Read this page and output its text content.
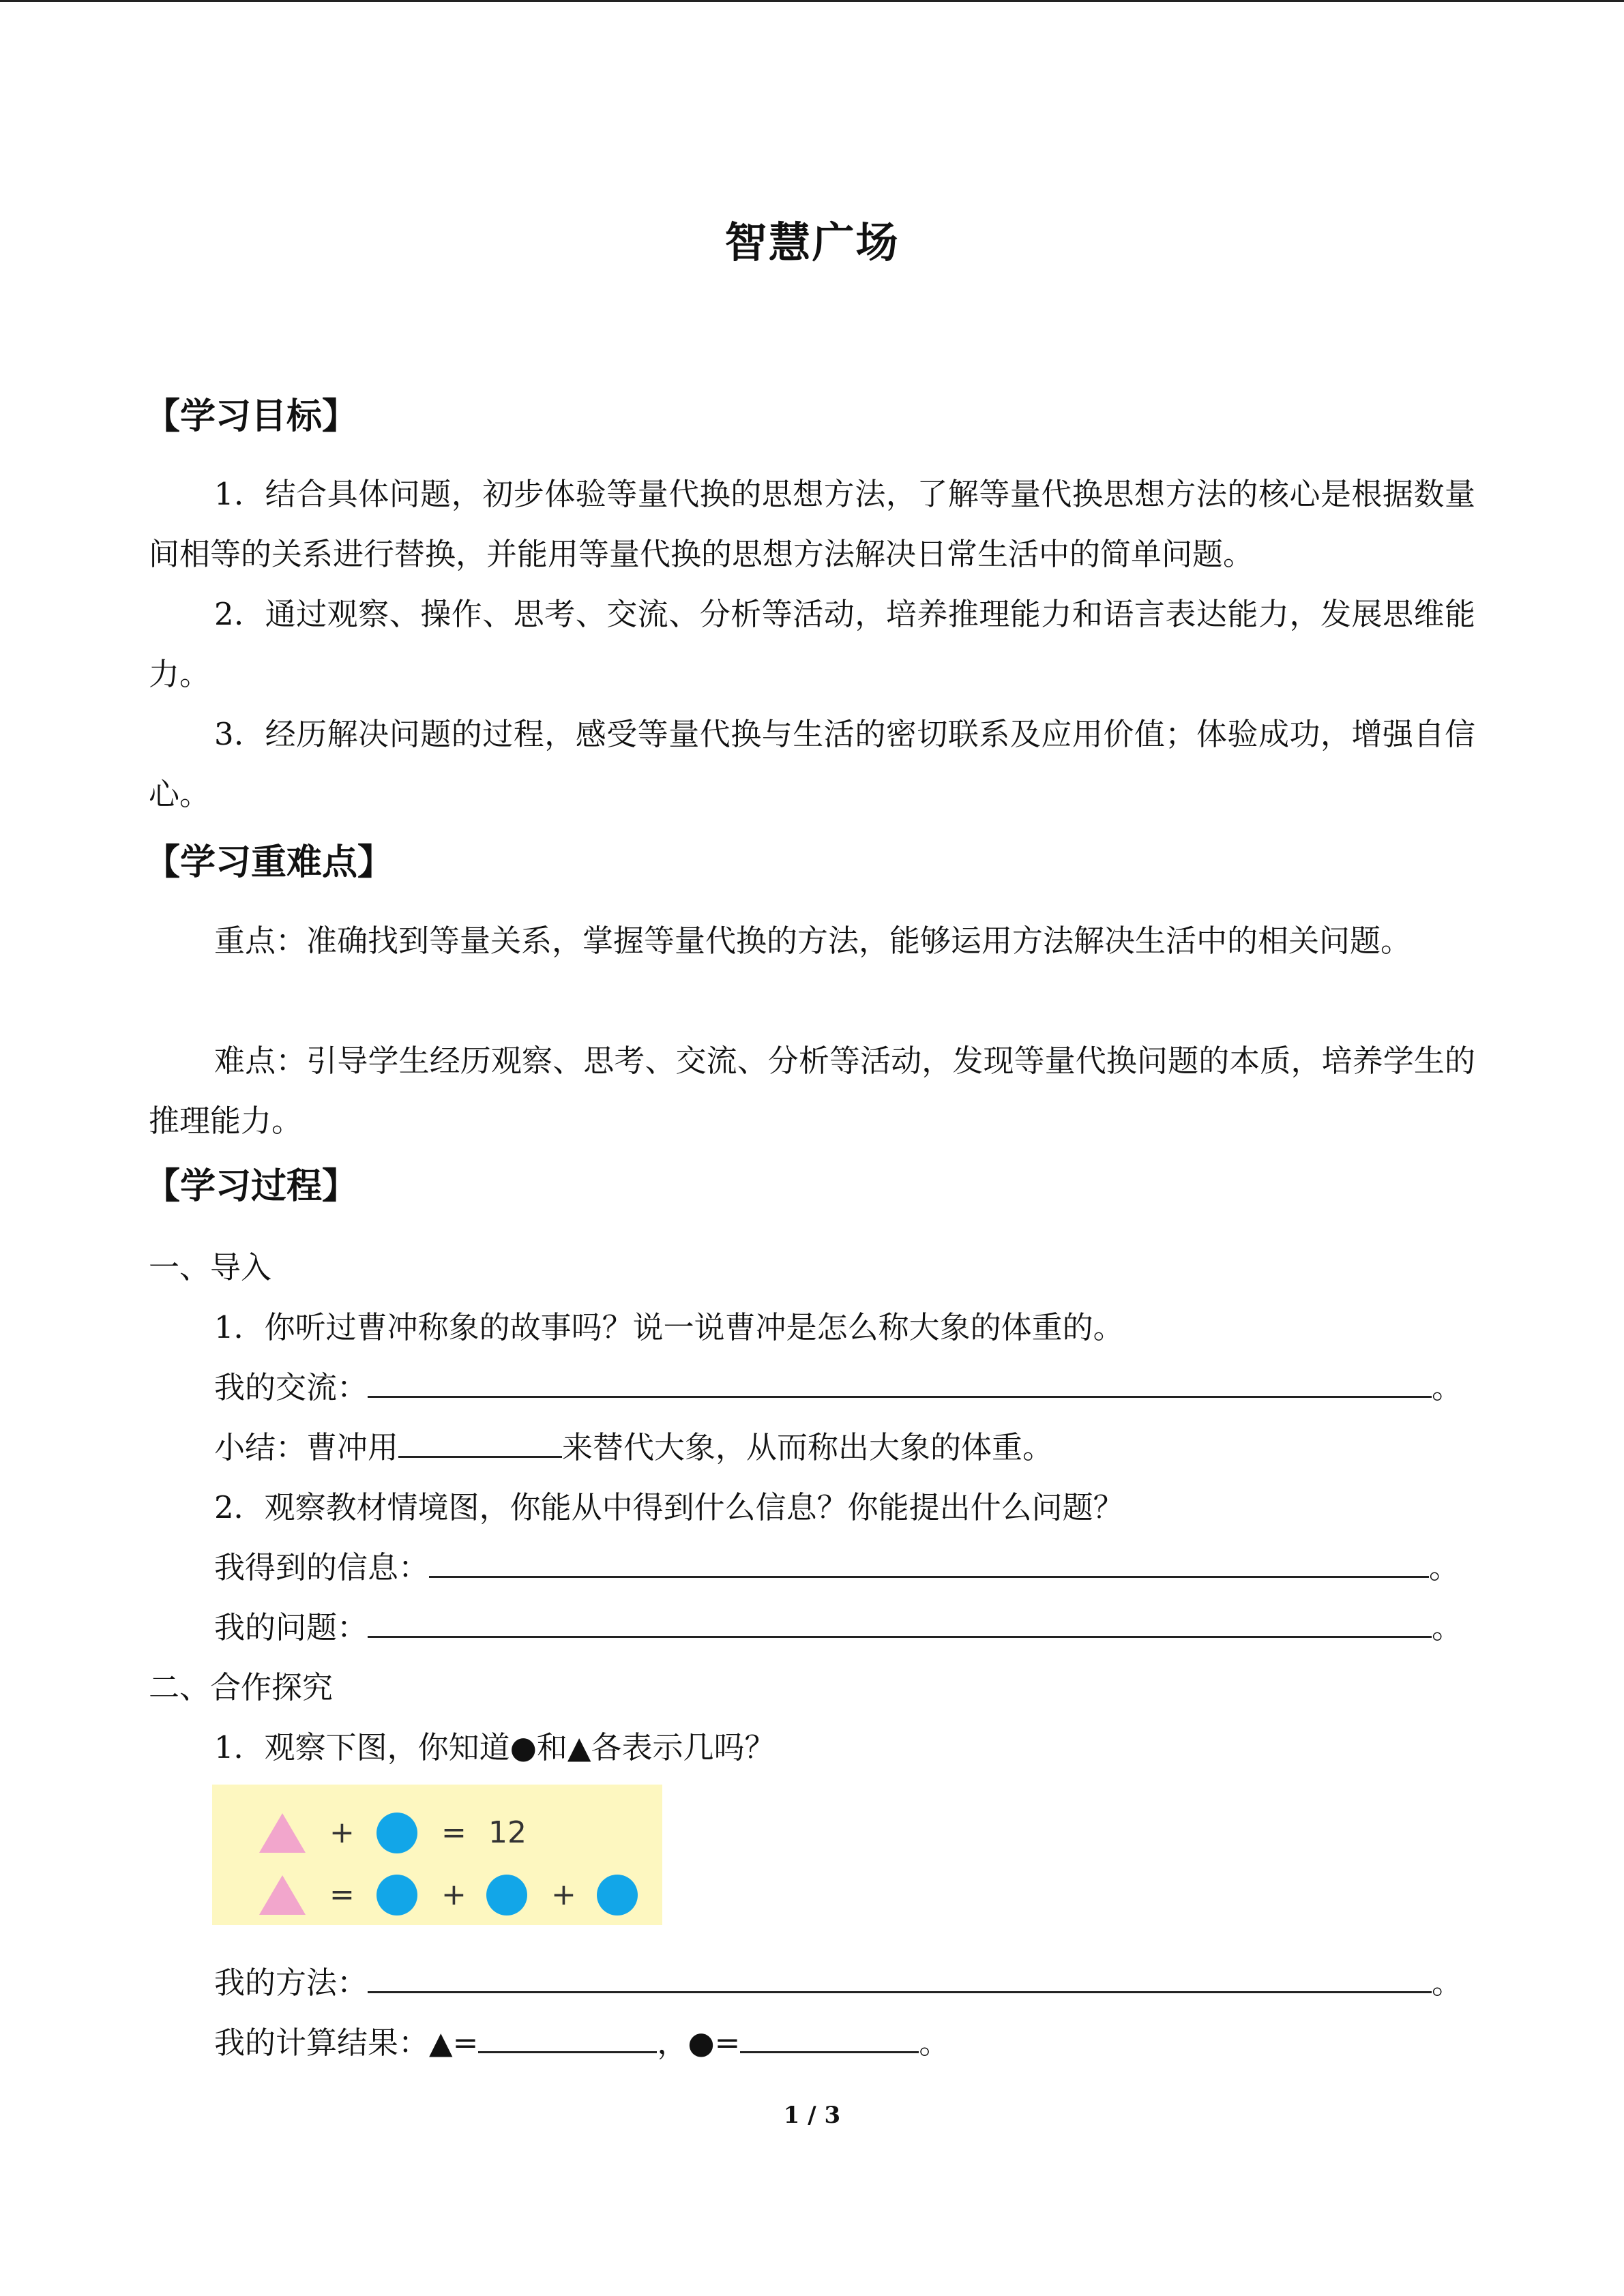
智慧广场
【学习目标】
1．结合具体问题，初步体验等量代换的思想方法，了解等量代换思想方法的核心是根据数量间相等的关系进行替换，并能用等量代换的思想方法解决日常生活中的简单问题。
2．通过观察、操作、思考、交流、分析等活动，培养推理能力和语言表达能力，发展思维能力。
3．经历解决问题的过程，感受等量代换与生活的密切联系及应用价值；体验成功，增强自信心。
【学习重难点】
重点：准确找到等量关系，掌握等量代换的方法，能够运用方法解决生活中的相关问题。
难点：引导学生经历观察、思考、交流、分析等活动，发现等量代换问题的本质，培养学生的推理能力。
【学习过程】
一、导入
1．你听过曹冲称象的故事吗？说一说曹冲是怎么称大象的体重的。
我的交流：	。
小结：曹冲用	来替代大象，从而称出大象的体重。
2．观察教材情境图，你能从中得到什么信息？你能提出什么问题？
我得到的信息：	。
我的问题：	。
二、合作探究
1．观察下图，你知道●和▲各表示几吗？
+	= 12
=	+	+
我的方法：	。
我的计算结果：▲=	，●=	。
1 / 3
